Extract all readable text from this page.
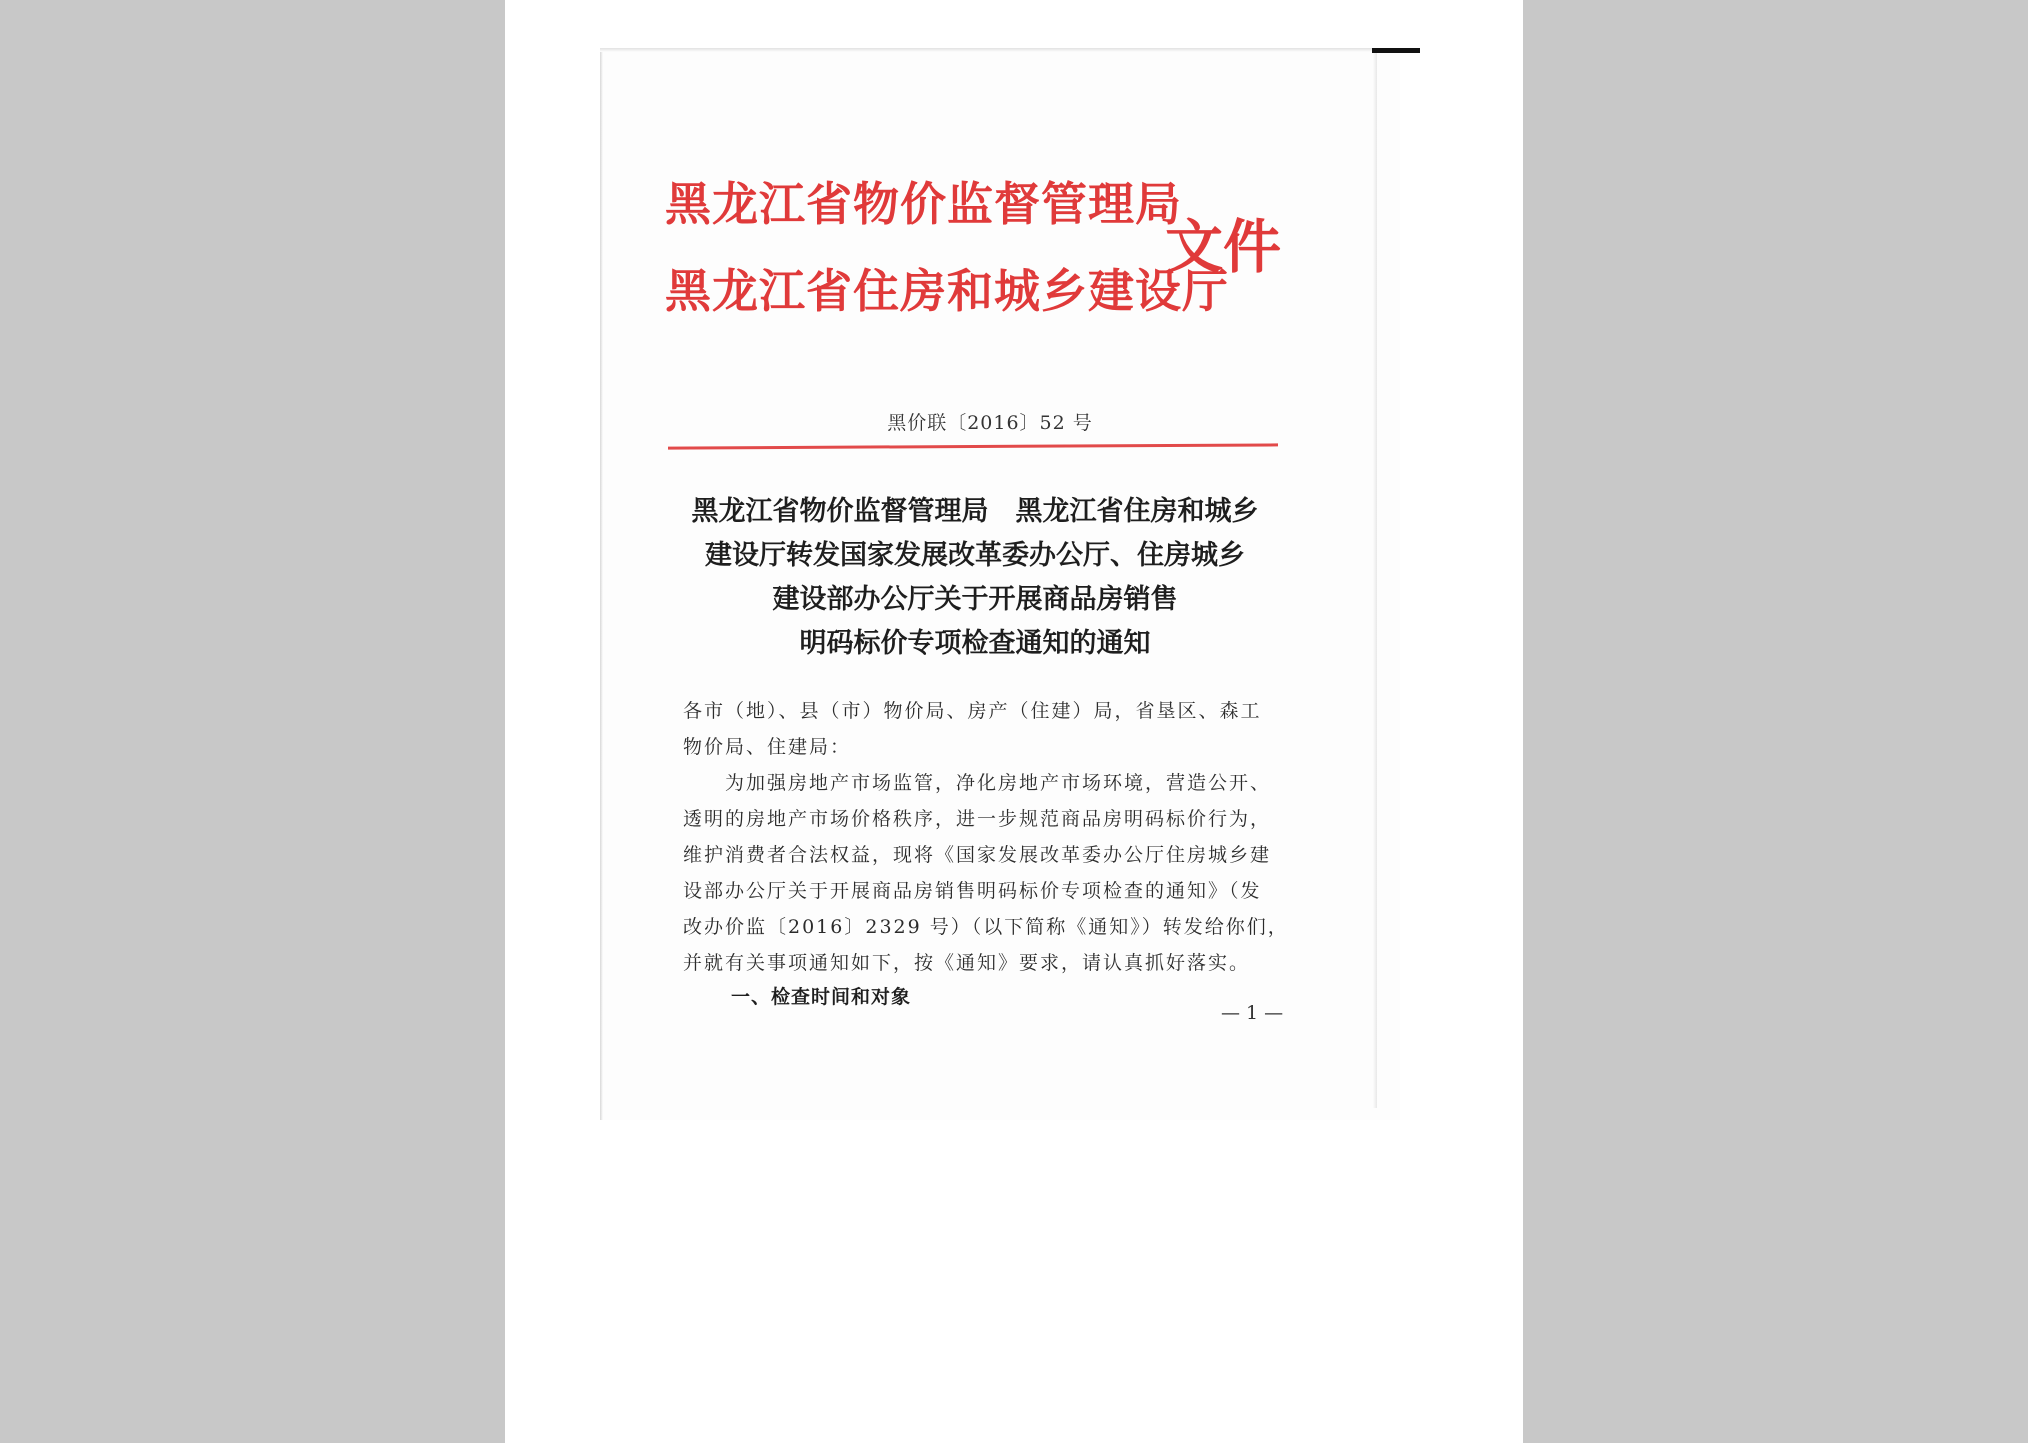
黑龙江省物价监督管理局
黑龙江省住房和城乡建设厅
文件
黑价联〔2016〕52 号
黑龙江省物价监督管理局　黑龙江省住房和城乡
建设厅转发国家发展改革委办公厅、住房城乡
建设部办公厅关于开展商品房销售
明码标价专项检查通知的通知
各市（地）、县（市）物价局、房产（住建）局，省垦区、森工
物价局、住建局：
　　为加强房地产市场监管，净化房地产市场环境，营造公开、
透明的房地产市场价格秩序，进一步规范商品房明码标价行为，
维护消费者合法权益，现将《国家发展改革委办公厅住房城乡建
设部办公厅关于开展商品房销售明码标价专项检查的通知》（发
改办价监〔2016〕2329 号）（以下简称《通知》）转发给你们，
并就有关事项通知如下，按《通知》要求，请认真抓好落实。
一、检查时间和对象
— 1 —
